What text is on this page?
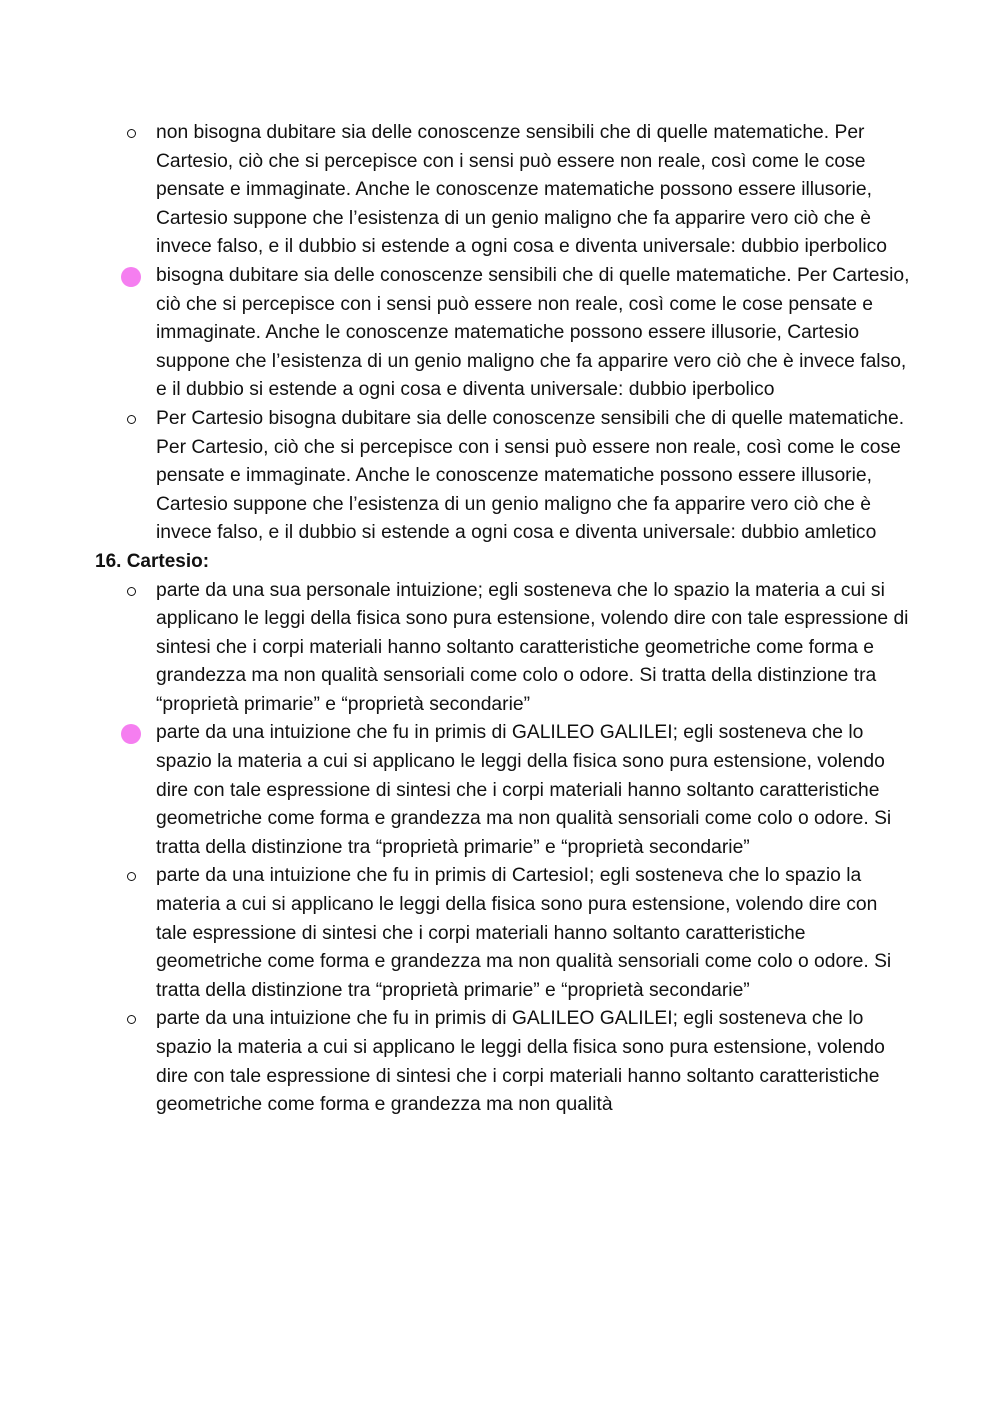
non bisogna dubitare sia delle conoscenze sensibili che di quelle matematiche. Per Cartesio, ciò che si percepisce con i sensi può essere non reale, così come le cose pensate e immaginate. Anche le conoscenze matematiche possono essere illusorie, Cartesio suppone che l’esistenza di un genio maligno che fa apparire vero ciò che è invece falso, e il dubbio si estende a ogni cosa e diventa universale: dubbio iperbolico
bisogna dubitare sia delle conoscenze sensibili che di quelle matematiche. Per Cartesio, ciò che si percepisce con i sensi può essere non reale, così come le cose pensate e immaginate. Anche le conoscenze matematiche possono essere illusorie, Cartesio suppone che l’esistenza di un genio maligno che fa apparire vero ciò che è invece falso, e il dubbio si estende a ogni cosa e diventa universale: dubbio iperbolico
Per Cartesio bisogna dubitare sia delle conoscenze sensibili che di quelle matematiche. Per Cartesio, ciò che si percepisce con i sensi può essere non reale, così come le cose pensate e immaginate. Anche le conoscenze matematiche possono essere illusorie, Cartesio suppone che l’esistenza di un genio maligno che fa apparire vero ciò che è invece falso, e il dubbio si estende a ogni cosa e diventa universale: dubbio amletico

16. Cartesio:

parte da una sua personale intuizione; egli sosteneva che lo spazio la materia a cui si applicano le leggi della fisica sono pura estensione, volendo dire con tale espressione di sintesi che i corpi materiali hanno soltanto caratteristiche geometriche come forma e grandezza ma non qualità sensoriali come colo o odore. Si tratta della distinzione tra “proprietà primarie” e “proprietà secondarie”
parte da una intuizione che fu in primis di GALILEO GALILEI; egli sosteneva che lo spazio la materia a cui si applicano le leggi della fisica sono pura estensione, volendo dire con tale espressione di sintesi che i corpi materiali hanno soltanto caratteristiche geometriche come forma e grandezza ma non qualità sensoriali come colo o odore. Si tratta della distinzione tra “proprietà primarie” e “proprietà secondarie”
parte da una intuizione che fu in primis di CartesioI; egli sosteneva che lo spazio la materia a cui si applicano le leggi della fisica sono pura estensione, volendo dire con tale espressione di sintesi che i corpi materiali hanno soltanto caratteristiche geometriche come forma e grandezza ma non qualità sensoriali come colo o odore. Si tratta della distinzione tra “proprietà primarie” e “proprietà secondarie”
parte da una intuizione che fu in primis di GALILEO GALILEI; egli sosteneva che lo spazio la materia a cui si applicano le leggi della fisica sono pura estensione, volendo dire con tale espressione di sintesi che i corpi materiali hanno soltanto caratteristiche geometriche come forma e grandezza ma non qualità
